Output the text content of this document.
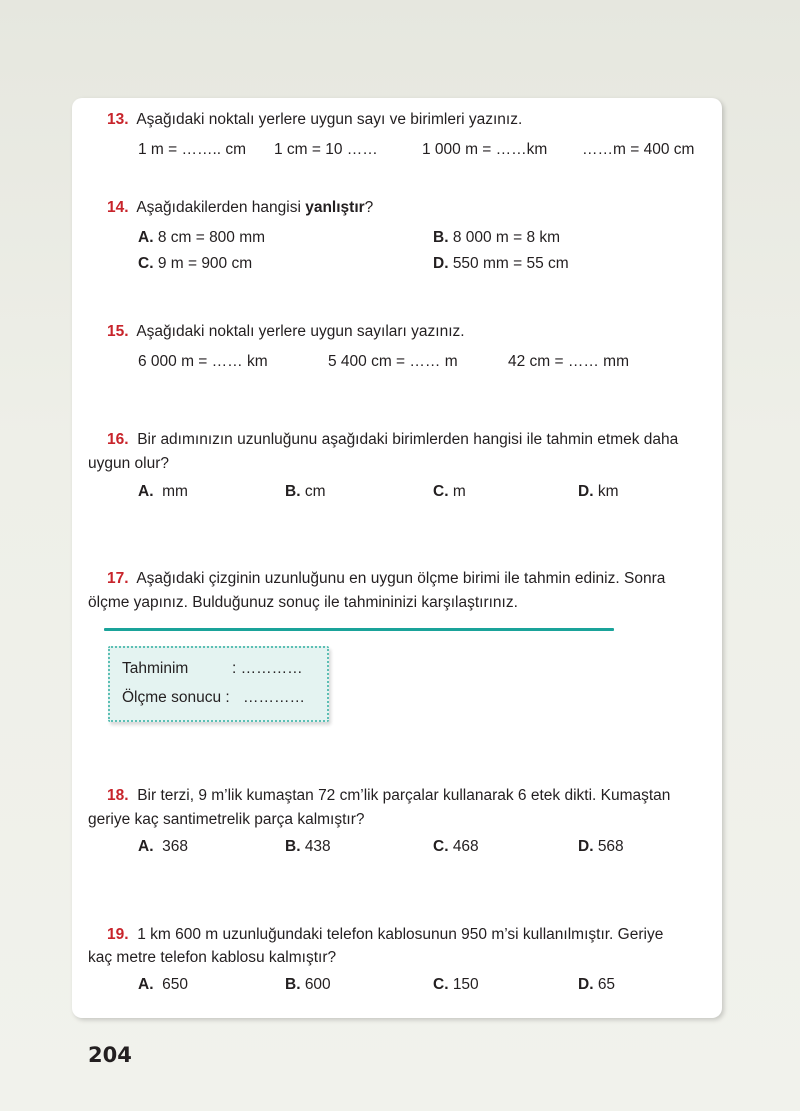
13. Aşağıdaki noktalı yerlere uygun sayı ve birimleri yazınız.
1 m = …….. cm 1 cm = 10 ……	1 000 m = ……km ……m = 400 cm
14. Aşağıdakilerden hangisi yanlıştır?
A. 8 cm = 800 mm	B. 8 000 m = 8 km
C. 9 m = 900 cm	D. 550 mm = 55 cm
15. Aşağıdaki noktalı yerlere uygun sayıları yazınız.
6 000 m = …… km	5 400 cm = …… m	42 cm = …… mm
16. Bir adımınızın uzunluğunu aşağıdaki birimlerden hangisi ile tahmin etmek daha
uygun olur?
A. mm	B. cm	C. m	D. km
17. Aşağıdaki çizginin uzunluğunu en uygun ölçme birimi ile tahmin ediniz. Sonra
ölçme yapınız. Bulduğunuz sonuç ile tahmininizi karşılaştırınız.
Tahminim	: …………
Ölçme sonucu : …………
18. Bir terzi, 9 m’lik kumaştan 72 cm’lik parçalar kullanarak 6 etek dikti. Kumaştan
geriye kaç santimetrelik parça kalmıştır?
A. 368	B. 438	C. 468	D. 568
19. 1 km 600 m uzunluğundaki telefon kablosunun 950 m’si kullanılmıştır. Geriye
kaç metre telefon kablosu kalmıştır?
A. 650	B. 600	C. 150	D. 65
204
